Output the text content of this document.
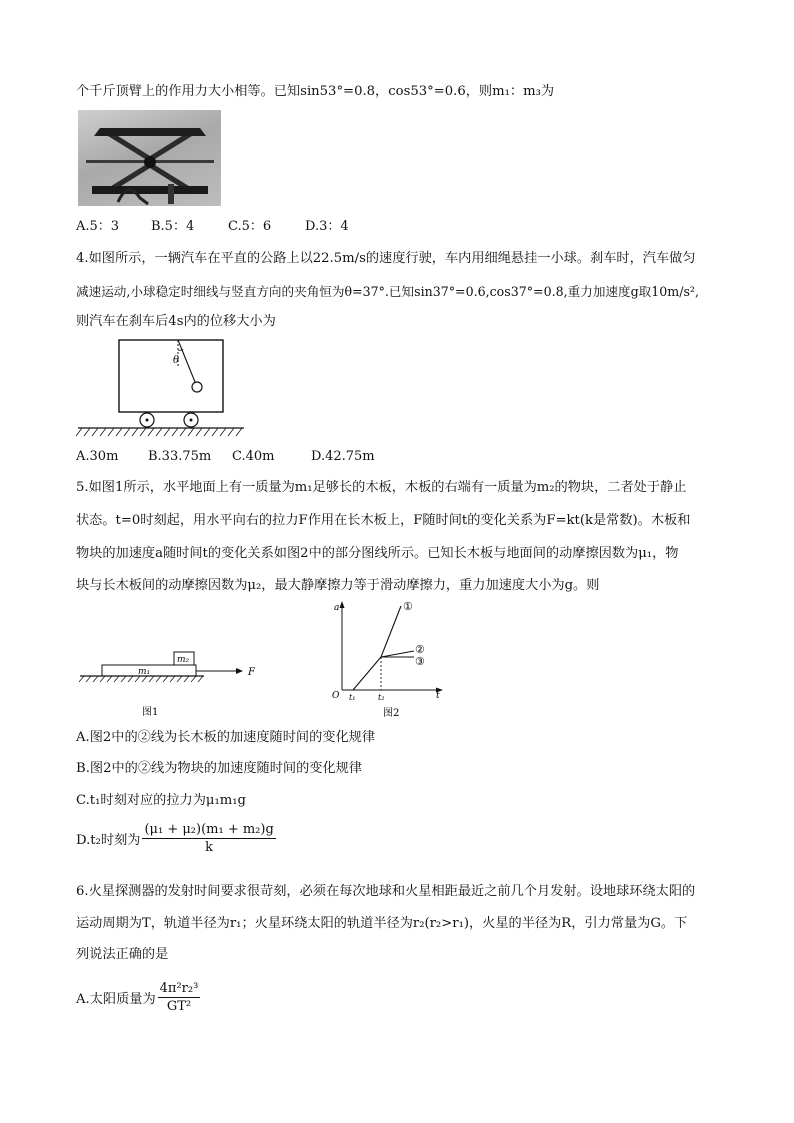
个千斤顶臂上的作用力大小相等。已知sin53°=0.8，cos53°=0.6，则m₁：m₃为
A.5：3 B.5：4	C.5：6	D.3：4
4.如图所示，一辆汽车在平直的公路上以22.5m/s的速度行驶，车内用细绳悬挂一小球。刹车时，汽车做匀
减速运动,小球稳定时细线与竖直方向的夹角恒为θ=37°.已知sin37°=0.6,cos37°=0.8,重力加速度g取10m/s²,
则汽车在刹车后4s内的位移大小为
θ
A.30m B.33.75m C.40m	D.42.75m
5.如图1所示，水平地面上有一质量为m₁足够长的木板，木板的右端有一质量为m₂的物块，二者处于静止
状态。t=0时刻起，用水平向右的拉力F作用在长木板上，F随时间t的变化关系为F=kt(k是常数)。木板和
物块的加速度a随时间t的变化关系如图2中的部分图线所示。已知长木板与地面间的动摩擦因数为μ₁，物
块与长木板间的动摩擦因数为μ₂，最大静摩擦力等于滑动摩擦力，重力加速度大小为g。则
m₁
m₂
F
图1
a
t
O t₁	t₂
①
②
③
图2
A.图2中的②线为长木板的加速度随时间的变化规律
B.图2中的②线为物块的加速度随时间的变化规律
C.t₁时刻对应的拉力为μ₁m₁g
D.t₂时刻为 $\frac{\text{(μ₁ + μ₂)(m₁ + m₂)g}}{k}$
6.火星探测器的发射时间要求很苛刻，必须在每次地球和火星相距最近之前几个月发射。设地球环绕太阳的
运动周期为T，轨道半径为r₁；火星环绕太阳的轨道半径为r₂(r₂>r₁)，火星的半径为R，引力常量为G。下
列说法正确的是
A.太阳质量为 $\frac{\text{4π²r₂³}}{\text{GT²}}$
